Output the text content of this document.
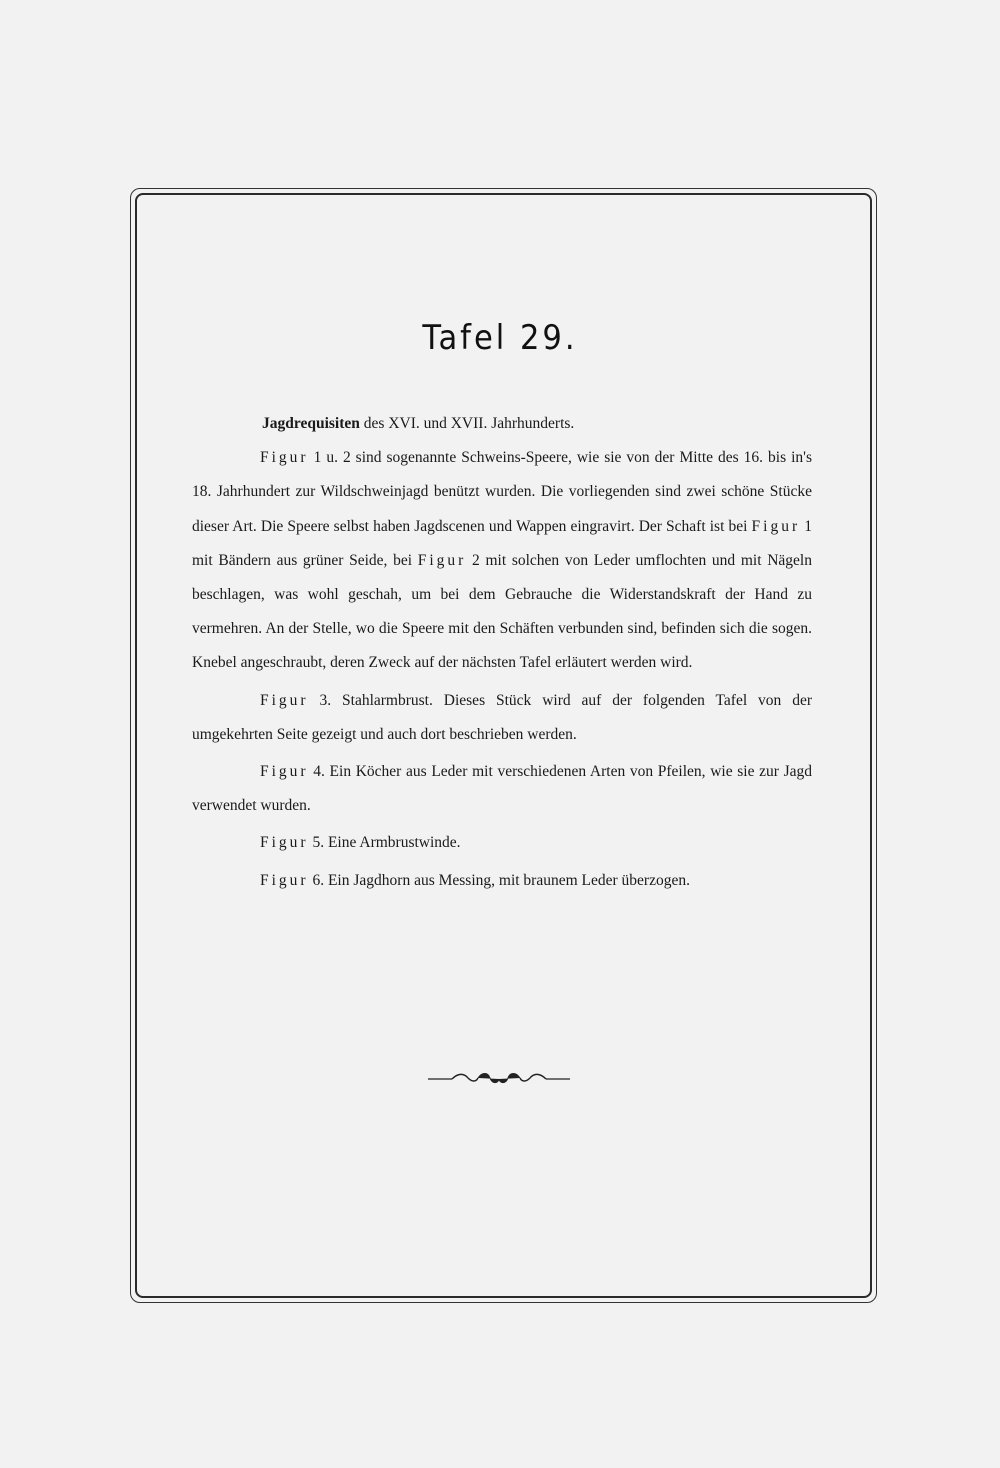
Tafel 29.

Jagdrequisiten des XVI. und XVII. Jahrhunderts.

Figur 1 u. 2 sind sogenannte Schweins-Speere, wie sie von der Mitte des 16. bis in's 18. Jahrhundert zur Wildschweinjagd benützt wurden. Die vorliegenden sind zwei schöne Stücke dieser Art. Die Speere selbst haben Jagdscenen und Wappen eingravirt. Der Schaft ist bei Figur 1 mit Bändern aus grüner Seide, bei Figur 2 mit solchen von Leder umflochten und mit Nägeln beschlagen, was wohl geschah, um bei dem Gebrauche die Widerstandskraft der Hand zu vermehren. An der Stelle, wo die Speere mit den Schäften verbunden sind, befinden sich die sogen. Knebel angeschraubt, deren Zweck auf der nächsten Tafel erläutert werden wird.

Figur 3. Stahlarmbrust. Dieses Stück wird auf der folgenden Tafel von der umgekehrten Seite gezeigt und auch dort beschrieben werden.

Figur 4. Ein Köcher aus Leder mit verschiedenen Arten von Pfeilen, wie sie zur Jagd verwendet wurden.

Figur 5. Eine Armbrustwinde.

Figur 6. Ein Jagdhorn aus Messing, mit braunem Leder überzogen.
